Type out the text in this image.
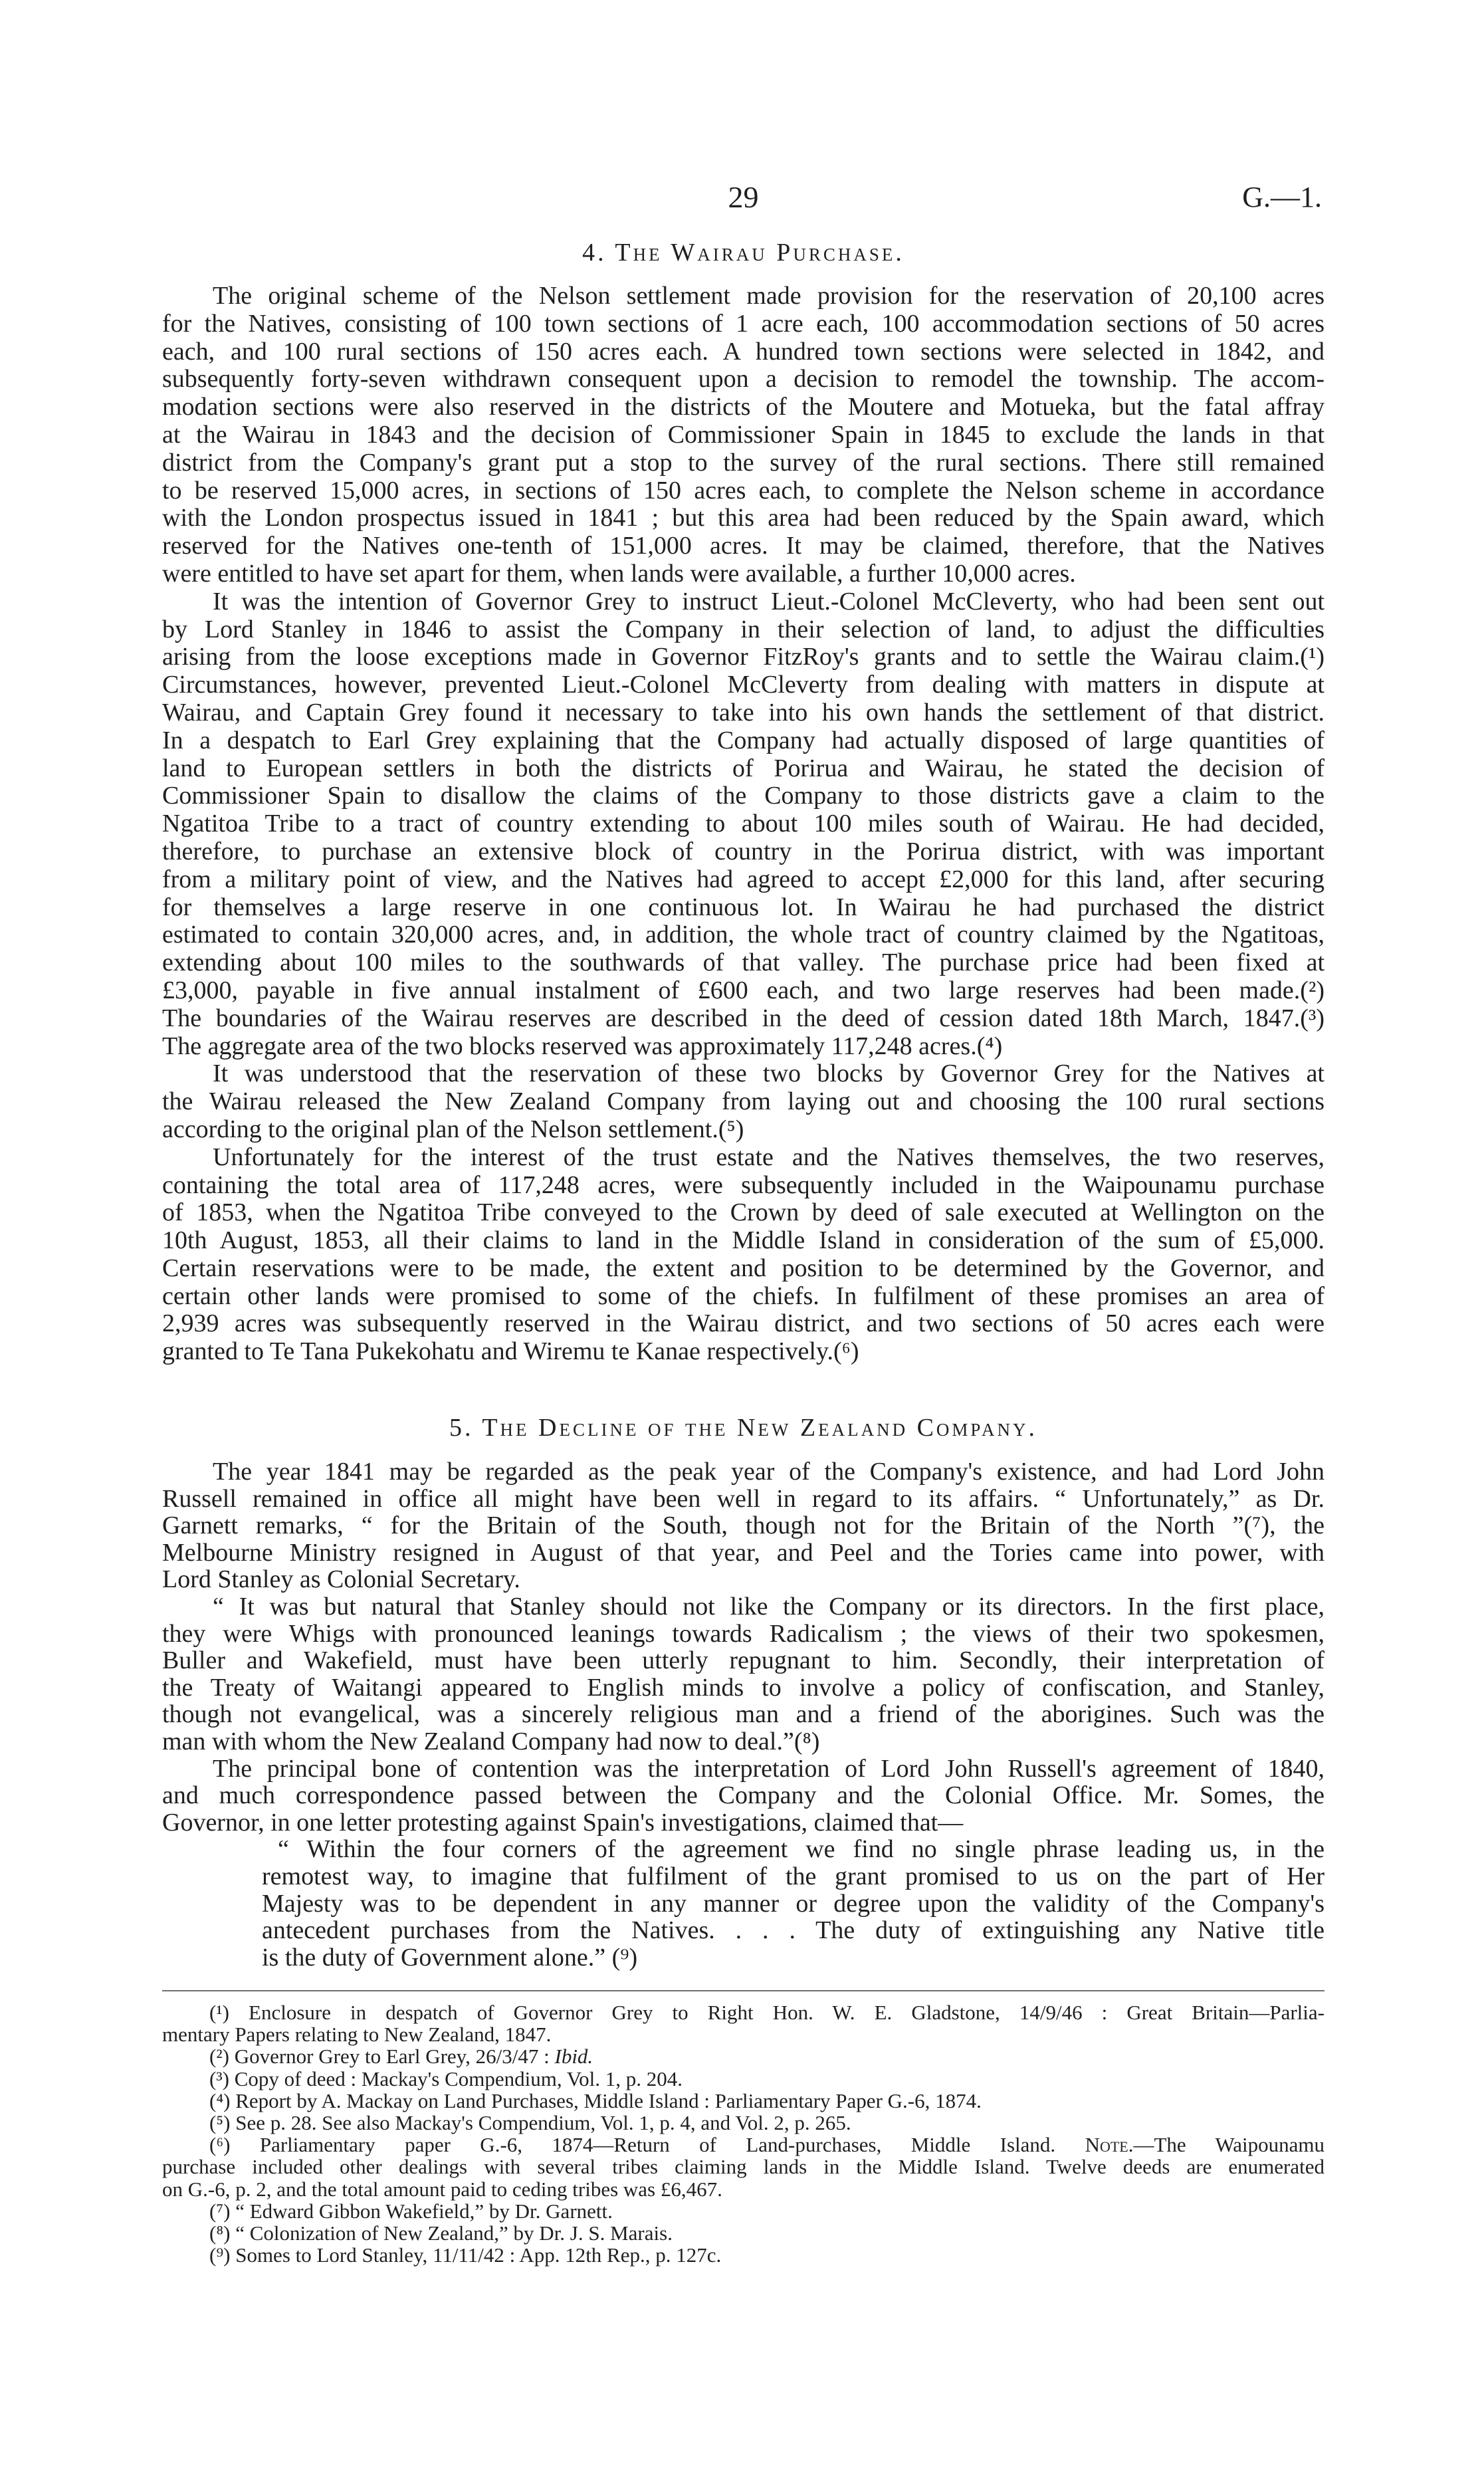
29	G.—1.
4. The Wairau Purchase.
The original scheme of the Nelson settlement made provision for the reservation of 20,100 acres
for the Natives, consisting of 100 town sections of 1 acre each, 100 accommodation sections of 50 acres
each, and 100 rural sections of 150 acres each. A hundred town sections were selected in 1842, and
subsequently forty-seven withdrawn consequent upon a decision to remodel the township. The accom-
modation sections were also reserved in the districts of the Moutere and Motueka, but the fatal affray
at the Wairau in 1843 and the decision of Commissioner Spain in 1845 to exclude the lands in that
district from the Company's grant put a stop to the survey of the rural sections. There still remained
to be reserved 15,000 acres, in sections of 150 acres each, to complete the Nelson scheme in accordance
with the London prospectus issued in 1841 ; but this area had been reduced by the Spain award, which
reserved for the Natives one-tenth of 151,000 acres. It may be claimed, therefore, that the Natives
were entitled to have set apart for them, when lands were available, a further 10,000 acres.
It was the intention of Governor Grey to instruct Lieut.-Colonel McCleverty, who had been sent out
by Lord Stanley in 1846 to assist the Company in their selection of land, to adjust the difficulties
arising from the loose exceptions made in Governor FitzRoy's grants and to settle the Wairau claim.(¹)
Circumstances, however, prevented Lieut.-Colonel McCleverty from dealing with matters in dispute at
Wairau, and Captain Grey found it necessary to take into his own hands the settlement of that district.
In a despatch to Earl Grey explaining that the Company had actually disposed of large quantities of
land to European settlers in both the districts of Porirua and Wairau, he stated the decision of
Commissioner Spain to disallow the claims of the Company to those districts gave a claim to the
Ngatitoa Tribe to a tract of country extending to about 100 miles south of Wairau. He had decided,
therefore, to purchase an extensive block of country in the Porirua district, with was important
from a military point of view, and the Natives had agreed to accept £2,000 for this land, after securing
for themselves a large reserve in one continuous lot. In Wairau he had purchased the district
estimated to contain 320,000 acres, and, in addition, the whole tract of country claimed by the Ngatitoas,
extending about 100 miles to the southwards of that valley. The purchase price had been fixed at
£3,000, payable in five annual instalment of £600 each, and two large reserves had been made.(²)
The boundaries of the Wairau reserves are described in the deed of cession dated 18th March, 1847.(³)
The aggregate area of the two blocks reserved was approximately 117,248 acres.(⁴)
It was understood that the reservation of these two blocks by Governor Grey for the Natives at
the Wairau released the New Zealand Company from laying out and choosing the 100 rural sections
according to the original plan of the Nelson settlement.(⁵)
Unfortunately for the interest of the trust estate and the Natives themselves, the two reserves,
containing the total area of 117,248 acres, were subsequently included in the Waipounamu purchase
of 1853, when the Ngatitoa Tribe conveyed to the Crown by deed of sale executed at Wellington on the
10th August, 1853, all their claims to land in the Middle Island in consideration of the sum of £5,000.
Certain reservations were to be made, the extent and position to be determined by the Governor, and
certain other lands were promised to some of the chiefs. In fulfilment of these promises an area of
2,939 acres was subsequently reserved in the Wairau district, and two sections of 50 acres each were
granted to Te Tana Pukekohatu and Wiremu te Kanae respectively.(⁶)
5. The Decline of the New Zealand Company.
The year 1841 may be regarded as the peak year of the Company's existence, and had Lord John
Russell remained in office all might have been well in regard to its affairs. “ Unfortunately,” as Dr.
Garnett remarks, “ for the Britain of the South, though not for the Britain of the North ”(⁷), the
Melbourne Ministry resigned in August of that year, and Peel and the Tories came into power, with
Lord Stanley as Colonial Secretary.
“ It was but natural that Stanley should not like the Company or its directors. In the first place,
they were Whigs with pronounced leanings towards Radicalism ; the views of their two spokesmen,
Buller and Wakefield, must have been utterly repugnant to him. Secondly, their interpretation of
the Treaty of Waitangi appeared to English minds to involve a policy of confiscation, and Stanley,
though not evangelical, was a sincerely religious man and a friend of the aborigines. Such was the
man with whom the New Zealand Company had now to deal.”(⁸)
The principal bone of contention was the interpretation of Lord John Russell's agreement of 1840,
and much correspondence passed between the Company and the Colonial Office. Mr. Somes, the
Governor, in one letter protesting against Spain's investigations, claimed that—
“ Within the four corners of the agreement we find no single phrase leading us, in the
remotest way, to imagine that fulfilment of the grant promised to us on the part of Her
Majesty was to be dependent in any manner or degree upon the validity of the Company's
antecedent purchases from the Natives. . . . The duty of extinguishing any Native title
is the duty of Government alone.” (⁹)
(¹) Enclosure in despatch of Governor Grey to Right Hon. W. E. Gladstone, 14/9/46 : Great Britain—Parlia-
mentary Papers relating to New Zealand, 1847.
(²) Governor Grey to Earl Grey, 26/3/47 : Ibid.
(³) Copy of deed : Mackay's Compendium, Vol. 1, p. 204.
(⁴) Report by A. Mackay on Land Purchases, Middle Island : Parliamentary Paper G.-6, 1874.
(⁵) See p. 28. See also Mackay's Compendium, Vol. 1, p. 4, and Vol. 2, p. 265.
(⁶) Parliamentary paper G.-6, 1874—Return of Land-purchases, Middle Island. Note.—The Waipounamu
purchase included other dealings with several tribes claiming lands in the Middle Island. Twelve deeds are enumerated
on G.-6, p. 2, and the total amount paid to ceding tribes was £6,467.
(⁷) “ Edward Gibbon Wakefield,” by Dr. Garnett.
(⁸) “ Colonization of New Zealand,” by Dr. J. S. Marais.
(⁹) Somes to Lord Stanley, 11/11/42 : App. 12th Rep., p. 127c.
